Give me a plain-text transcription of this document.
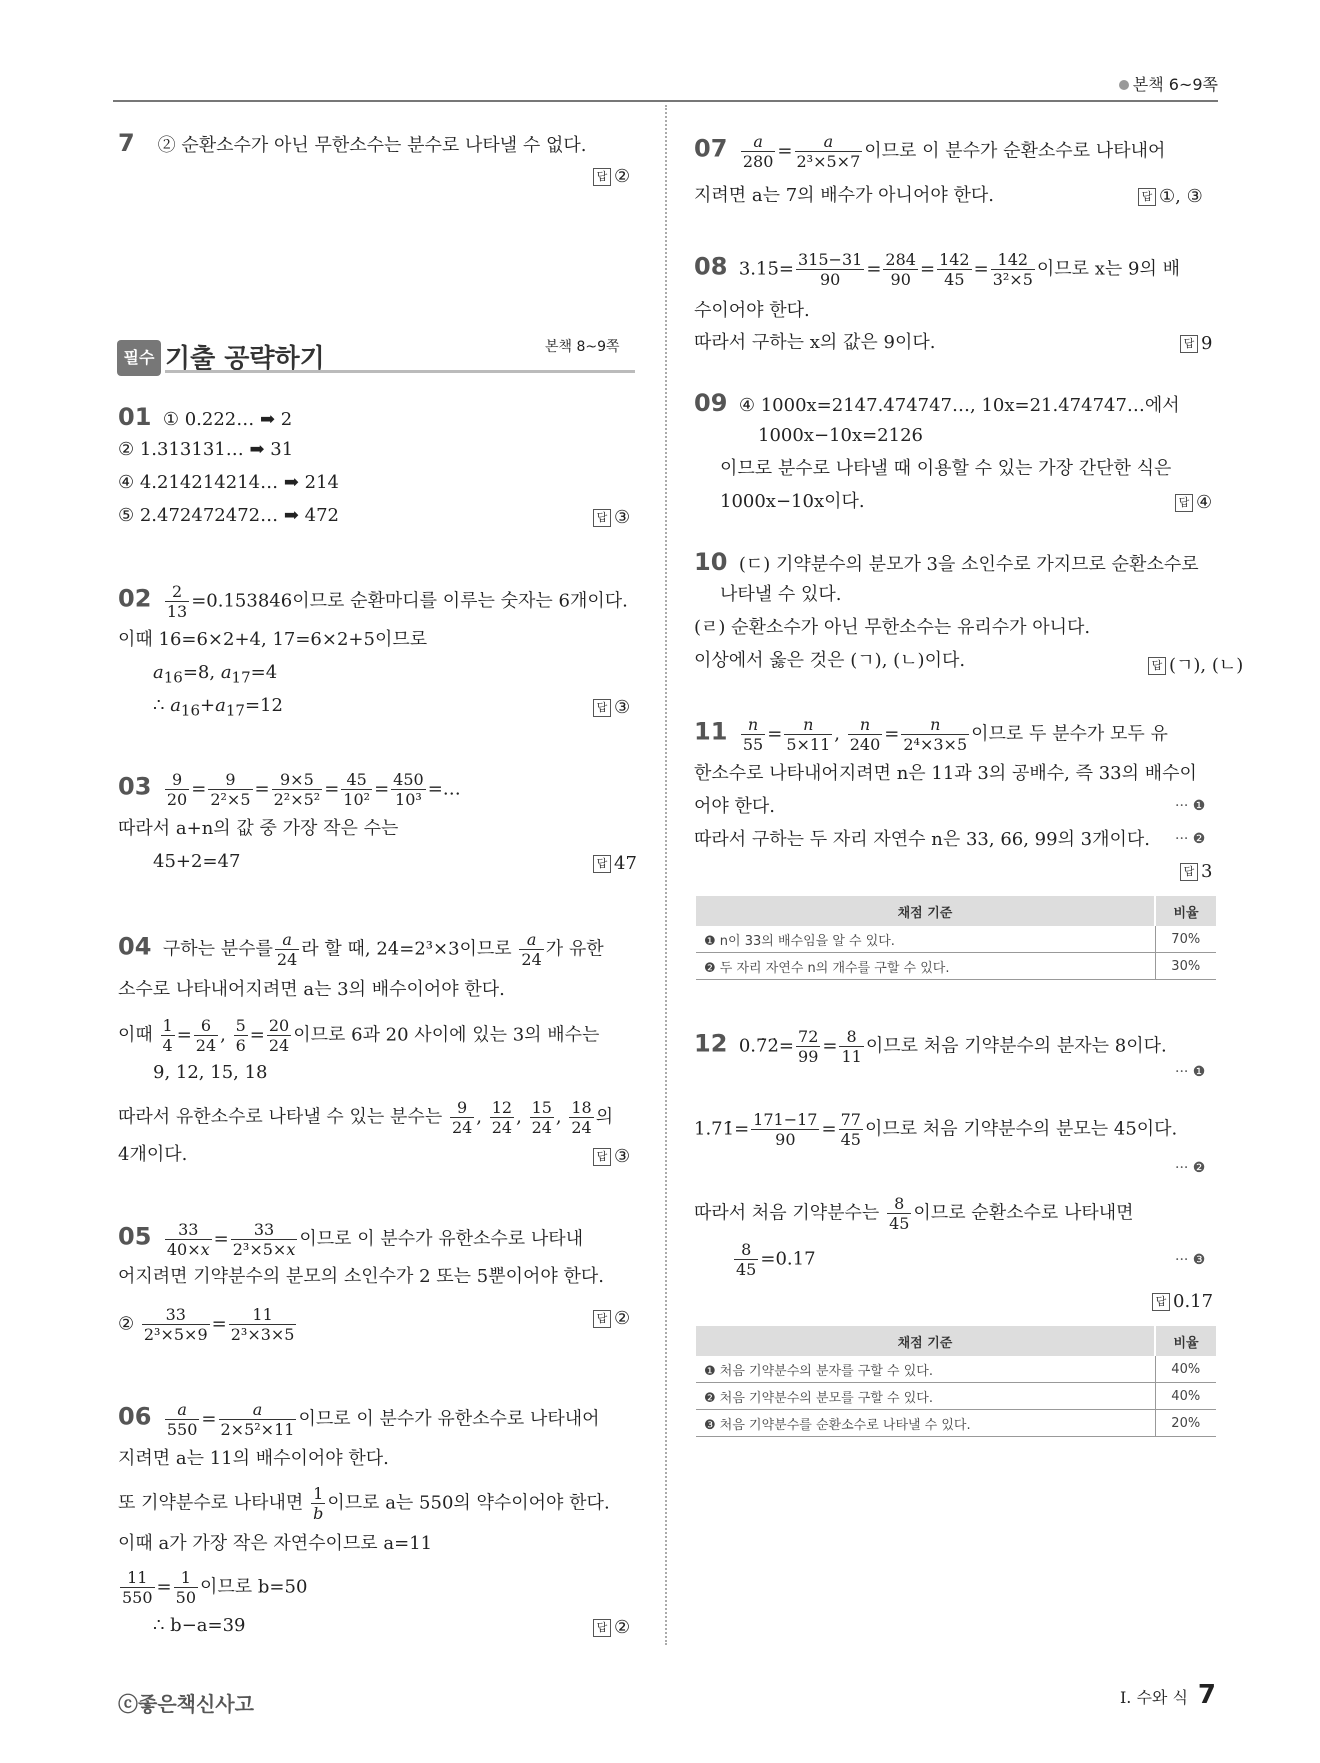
본책 6~9쪽
7 ② 순환소수가 아닌 무한소수는 분수로 나타낼 수 없다.
답 ②
필수 기출 공략하기	본책 8~9쪽
01 ① 0.222… ➡ 2
② 1.313131… ➡ 31
④ 4.214214214… ➡ 214
⑤ 2.472472472… ➡ 472	답 ③
$02 \frac{2}{13} =0.153846$이므로 순환마디를 이루는 숫자는 6개이다.
이때 16=6×2+4, 17=6×2+5이므로
$a_{16}=8$, $a_{17}=4$
∴ $a_{16}+a_{17}=12$	답 ③
$03 \frac{9}{20} = \frac{9}{\text{2²×5}} = \frac{9\times 5}{\text{2²×5²}} = \frac{45}{\text{10²}} = \frac{450}{\text{10³}}$ =…
따라서 a+n의 값 중 가장 작은 수는
45+2=47	답 47
04 구하는 분수를 $\frac{a}{24}$ 라 할 때, 24=2³×3이므로 $\frac{a}{24}$ 가 유한
소수로 나타내어지려면 a는 3의 배수이어야 한다.
이때 $\frac{1}{4} = \frac{6}{24}$ , $\frac{5}{6} = \frac{20}{24}$ 이므로 6과 20 사이에 있는 3의 배수는
9, 12, 15, 18
따라서 유한소수로 나타낼 수 있는 분수는 $\frac{9}{24}$ , $\frac{12}{24}$ , $\frac{15}{24}$ , $\frac{18}{24}$ 의
4개이다.	답 ③
$05 \frac{33}{40\times x} = \frac{33}{\text{2³×5×x}}$ 이므로 이 분수가 유한소수로 나타내
어지려면 기약분수의 분모의 소인수가 2 또는 5뿐이어야 한다.
② $\frac{33}{\text{2³×5×9}} = \frac{11}{\text{2³×3×5}}$	답 ②
$06 \frac{a}{550} = \frac{a}{\text{2×5²×11}}$ 이므로 이 분수가 유한소수로 나타내어
지려면 a는 11의 배수이어야 한다.
또 기약분수로 나타내면 $\frac{1}{b}$ 이므로 a는 550의 약수이어야 한다.
이때 a가 가장 작은 자연수이므로 a=11
$\frac{11}{550} = \frac{1}{50}$ 이므로 b=50
∴ b−a=39	답 ②
$07 \frac{a}{280} = \frac{a}{\text{2³×5×7}}$ 이므로 이 분수가 순환소수로 나타내어
지려면 a는 7의 배수가 아니어야 한다.	답 ①, ③
08  3.15̇= $\frac{315-31}{90} = \frac{284}{90} = \frac{142}{45} = \frac{142}{\text{3²×5}}$ 이므로 x는 9의 배
수이어야 한다.
따라서 구하는 x의 값은 9이다.	답 9
09 ④ 1000x=2147.474747…, 10x=21.474747…에서
1000x−10x=2126
이므로 분수로 나타낼 때 이용할 수 있는 가장 간단한 식은
1000x−10x이다.	답 ④
10 (ㄷ) 기약분수의 분모가 3을 소인수로 가지므로 순환소수로
나타낼 수 있다.
(ㄹ) 순환소수가 아닌 무한소수는 유리수가 아니다.
이상에서 옳은 것은 (ㄱ), (ㄴ)이다.	답 (ㄱ), (ㄴ)
$11 \frac{n}{55} = \frac{n}{5\times 11}$ , $\frac{n}{240} = \frac{n}{\text{2⁴×3×5}}$ 이므로 두 분수가 모두 유
한소수로 나타내어지려면 n은 11과 3의 공배수, 즉 33의 배수이
어야 한다.	··· ❶
따라서 구하는 두 자리 자연수 n은 33, 66, 99의 3개이다. ··· ❷
답 3
채점 기준	비율
❶ n이 33의 배수임을 알 수 있다.	70%
❷ 두 자리 자연수 n의 개수를 구할 수 있다.	30%
12  0.7̇2̇= $\frac{72}{99} = \frac{8}{11}$ 이므로 처음 기약분수의 분자는 8이다.
··· ❶
1.71̇= $\frac{171-17}{90} = \frac{77}{45}$ 이므로 처음 기약분수의 분모는 45이다.
··· ❷
따라서 처음 기약분수는 $\frac{8}{45}$ 이므로 순환소수로 나타내면
$\frac{8}{45} =0.17$	··· ❸
답 0.17
채점 기준	비율
❶ 처음 기약분수의 분자를 구할 수 있다.	40%
❷ 처음 기약분수의 분모를 구할 수 있다.	40%
❸ 처음 기약분수를 순환소수로 나타낼 수 있다.	20%
ⓒ좋은책신사고	Ⅰ. 수와 식 7
